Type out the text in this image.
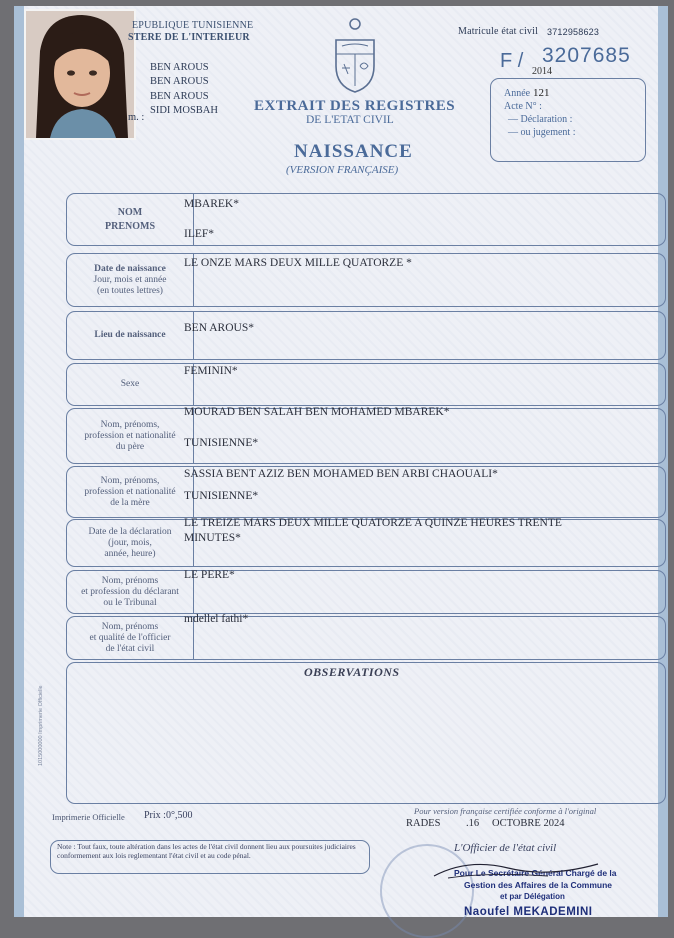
EPUBLIQUE TUNISIENNE
STERE DE L'INTERIEUR
BEN AROUS
BEN AROUS
BEN AROUS
m. :
SIDI MOSBAH
Matricule état civil 3712958623
F / 3207685
2014
Année 121
Acte N° :
— Déclaration :
— ou jugement :
EXTRAIT DES REGISTRES
DE L'ETAT CIVIL
NAISSANCE
(VERSION FRANÇAISE)
NOM
PRENOMS
MBAREK*
ILEF*
Date de naissance
Jour, mois et année
(en toutes lettres)
LE ONZE MARS DEUX MILLE QUATORZE *
Lieu de naissance
BEN AROUS*
Sexe
FEMININ*
Nom, prénoms,
profession et nationalité
du père
MOURAD BEN SALAH BEN MOHAMED MBAREK*
TUNISIENNE*
Nom, prénoms,
profession et nationalité
de la mère
SASSIA BENT AZIZ BEN MOHAMED BEN ARBI CHAOUALI*
TUNISIENNE*
Date de la déclaration
(jour, mois,
année, heure)
LE TREIZE MARS DEUX MILLE QUATORZE A QUINZE HEURES TRENTE
MINUTES*
Nom, prénoms
et profession du déclarant
ou le Tribunal
LE PERE*
Nom, prénoms
et qualité de l'officier
de l'état civil
mdellel fathi*
OBSERVATIONS
1015000000 Imprimerie Officielle
Imprimerie Officielle Prix :0°,500	Pour version française certifiée conforme à l'original
RADES .16 OCTOBRE 2024
Note : Tout faux, toute altération dans les actes de l'état civil donnent lieu aux poursuites judiciaires conformement aux lois reglementant l'état civil et au code pénal.
L'Officier de l'état civil
Pour Le Secrétaire Général Chargé de la
Gestion des Affaires de la Commune
et par Délégation
Naoufel MEKADEMINI
